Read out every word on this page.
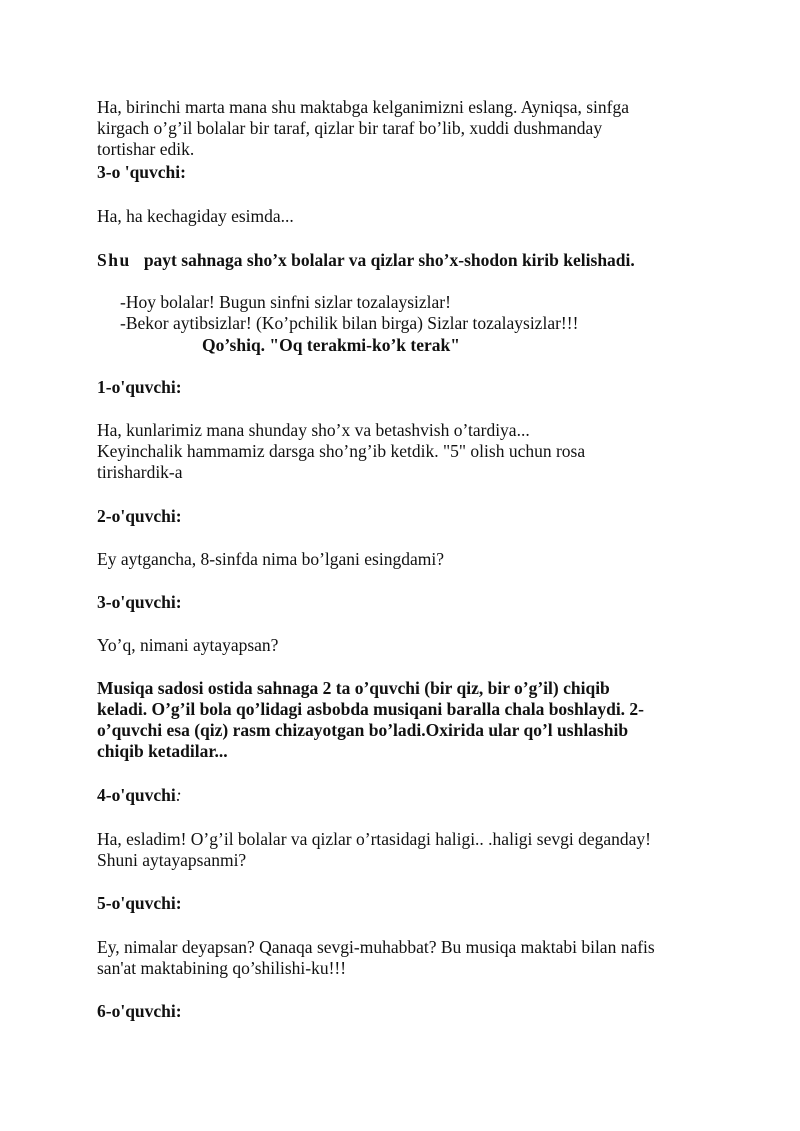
Ha, birinchi marta mana shu maktabga kelganimizni eslang. Ayniqsa, sinfga
kirgach o’g’il bolalar bir taraf, qizlar bir taraf bo’lib, xuddi dushmanday
tortishar edik.

3-o 'quvchi:

Ha, ha kechagiday esimda...

Shu payt sahnaga sho’x bolalar va qizlar sho’x-shodon kirib kelishadi.

-Hoy bolalar! Bugun sinfni sizlar tozalaysizlar!
-Bekor aytibsizlar! (Ko’pchilik bilan birga) Sizlar tozalaysizlar!!!

Qo’shiq. "Oq terakmi-ko’k terak"

1-o'quvchi:

Ha, kunlarimiz mana shunday sho’x va betashvish o’tardiya...
Keyinchalik hammamiz darsga sho’ng’ib ketdik. "5" olish uchun rosa
tirishardik-a

2-o'quvchi:

Ey aytgancha, 8-sinfda nima bo’lgani esingdami?

3-o'quvchi:

Yo’q, nimani aytayapsan?

Musiqa sadosi ostida sahnaga 2 ta o’quvchi (bir qiz, bir o’g’il) chiqib
keladi. O’g’il bola qo’lidagi asbobda musiqani baralla chala boshlaydi. 2-
o’quvchi esa (qiz) rasm chizayotgan bo’ladi.Oxirida ular qo’l ushlashib
chiqib ketadilar...

4-o'quvchi:

Ha, esladim! O’g’il bolalar va qizlar o’rtasidagi haligi.. .haligi sevgi deganday!
Shuni aytayapsanmi?

5-o'quvchi:

Ey, nimalar deyapsan? Qanaqa sevgi-muhabbat? Bu musiqa maktabi bilan nafis
san'at maktabining qo’shilishi-ku!!!

6-o'quvchi:
